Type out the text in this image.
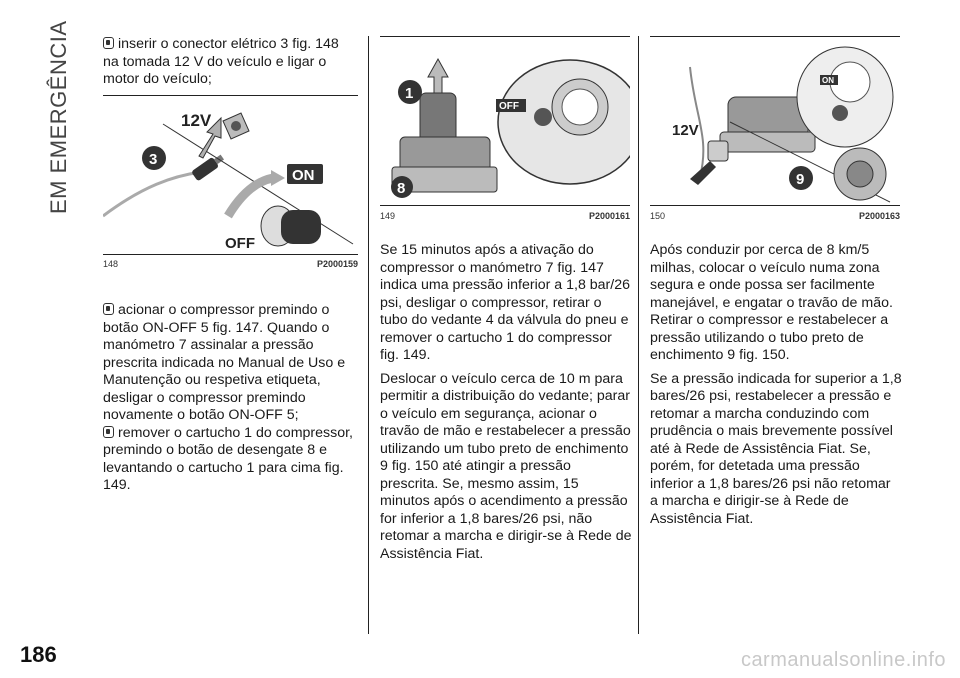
EM EMERGÊNCIA
186

inserir o conector elétrico 3 fig. 148 na tomada 12 V do veículo e ligar o motor do veículo;

12V
3
ON
OFF
148	P2000159

acionar o compressor premindo o botão ON-OFF 5 fig. 147. Quando o manómetro 7 assinalar a pressão prescrita indicada no Manual de Uso e Manutenção ou respetiva etiqueta, desligar o compressor premindo novamente o botão ON-OFF 5;

remover o cartucho 1 do compressor, premindo o botão de desengate 8 e levantando o cartucho 1 para cima fig. 149.

1
8
OFF
149	P2000161

Se 15 minutos após a ativação do compressor o manómetro 7 fig. 147 indica uma pressão inferior a 1,8 bar/26 psi, desligar o compressor, retirar o tubo do vedante 4 da válvula do pneu e remover o cartucho 1 do compressor fig. 149.

Deslocar o veículo cerca de 10 m para permitir a distribuição do vedante; parar o veículo em segurança, acionar o travão de mão e restabelecer a pressão utilizando um tubo preto de enchimento 9 fig. 150 até atingir a pressão prescrita. Se, mesmo assim, 15 minutos após o acendimento a pressão for inferior a 1,8 bares/26 psi, não retomar a marcha e dirigir-se à Rede de Assistência Fiat.

ON
12V
9
150	P2000163

Após conduzir por cerca de 8 km/5 milhas, colocar o veículo numa zona segura e onde possa ser facilmente manejável, e engatar o travão de mão. Retirar o compressor e restabelecer a pressão utilizando o tubo preto de enchimento 9 fig. 150.

Se a pressão indicada for superior a 1,8 bares/26 psi, restabelecer a pressão e retomar a marcha conduzindo com prudência o mais brevemente possível até à Rede de Assistência Fiat. Se, porém, for detetada uma pressão inferior a 1,8 bares/26 psi não retomar a marcha e dirigir-se à Rede de Assistência Fiat.

carmanualsonline.info
